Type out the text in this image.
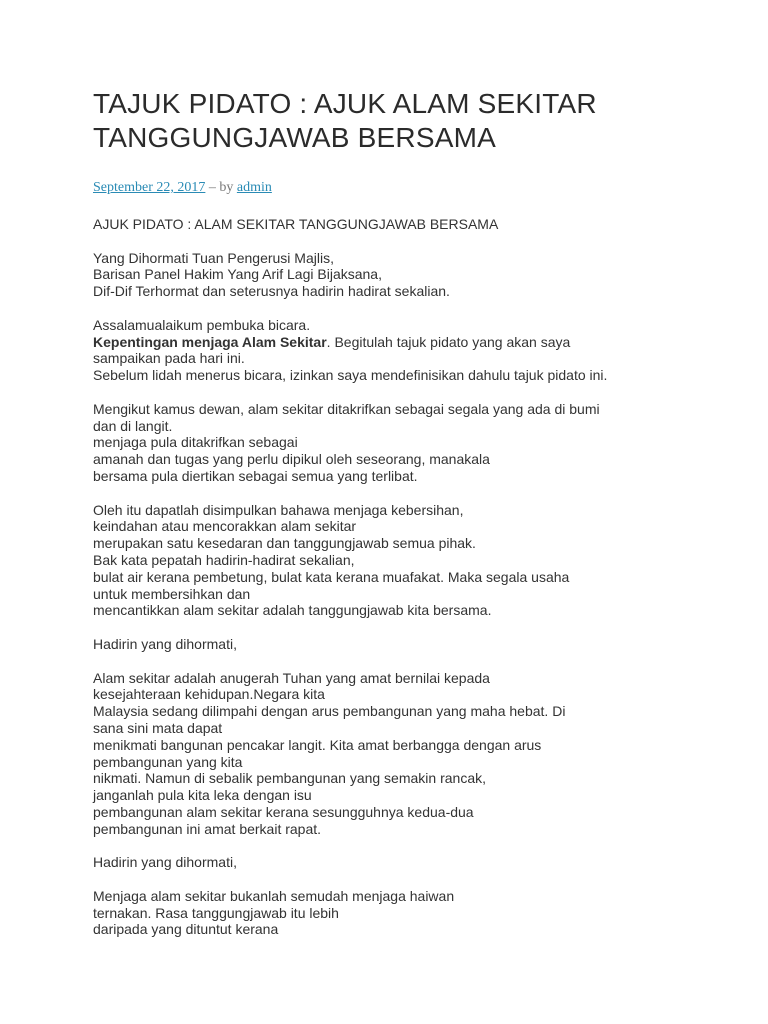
TAJUK PIDATO : AJUK ALAM SEKITAR
TANGGUNGJAWAB BERSAMA
September 22, 2017 – by admin

AJUK PIDATO : ALAM SEKITAR TANGGUNGJAWAB BERSAMA

Yang Dihormati Tuan Pengerusi Majlis,
Barisan Panel Hakim Yang Arif Lagi Bijaksana,
Dif-Dif Terhormat dan seterusnya hadirin hadirat sekalian.

Assalamualaikum pembuka bicara.
Kepentingan menjaga Alam Sekitar. Begitulah tajuk pidato yang akan saya
sampaikan pada hari ini.
Sebelum lidah menerus bicara, izinkan saya mendefinisikan dahulu tajuk pidato ini.

Mengikut kamus dewan, alam sekitar ditakrifkan sebagai segala yang ada di bumi
dan di langit.
menjaga pula ditakrifkan sebagai
amanah dan tugas yang perlu dipikul oleh seseorang, manakala
bersama pula diertikan sebagai semua yang terlibat.

Oleh itu dapatlah disimpulkan bahawa menjaga kebersihan,
keindahan atau mencorakkan alam sekitar
merupakan satu kesedaran dan tanggungjawab semua pihak.
Bak kata pepatah hadirin-hadirat sekalian,
bulat air kerana pembetung, bulat kata kerana muafakat. Maka segala usaha
untuk membersihkan dan
mencantikkan alam sekitar adalah tanggungjawab kita bersama.

Hadirin yang dihormati,

Alam sekitar adalah anugerah Tuhan yang amat bernilai kepada
kesejahteraan kehidupan.Negara kita
Malaysia sedang dilimpahi dengan arus pembangunan yang maha hebat. Di
sana sini mata dapat
menikmati bangunan pencakar langit. Kita amat berbangga dengan arus
pembangunan yang kita
nikmati. Namun di sebalik pembangunan yang semakin rancak,
janganlah pula kita leka dengan isu
pembangunan alam sekitar kerana sesungguhnya kedua-dua
pembangunan ini amat berkait rapat.

Hadirin yang dihormati,

Menjaga alam sekitar bukanlah semudah menjaga haiwan
ternakan. Rasa tanggungjawab itu lebih
daripada yang dituntut kerana
